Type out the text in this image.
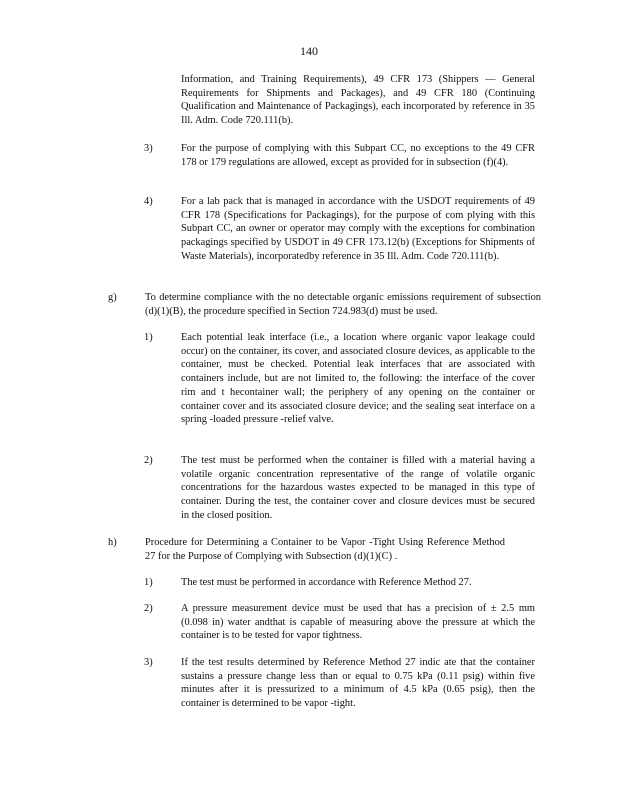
140
Information, and Training Requirements), 49 CFR 173 (Shippers — General Requirements for Shipments and Packages), and 49 CFR 180 (Continuing Qualification and Maintenance of Packagings), each incorporated by reference in 35 Ill. Adm. Code 720.111(b).
3)	For the purpose of complying with this Subpart CC, no exceptions to the 49 CFR 178 or 179 regulations are allowed, except as provided for in subsection (f)(4).
4)	For a lab pack that is managed in accordance with the USDOT requirements of 49 CFR 178 (Specifications for Packagings), for the purpose of com plying with this Subpart CC, an owner or operator may comply with the exceptions for combination packagings specified by USDOT in 49 CFR 173.12(b) (Exceptions for Shipments of Waste Materials), incorporatedby reference in 35 Ill. Adm. Code 720.111(b).
g)	To determine compliance with the no detectable organic emissions requirement of subsection (d)(1)(B), the procedure specified in Section 724.983(d) must be used.
1)	Each potential leak interface (i.e., a location where organic vapor leakage could occur) on the container, its cover, and associated closure devices, as applicable to the container, must be checked. Potential leak interfaces that are associated with containers include, but are not limited to, the following: the interface of the cover rim and t hecontainer wall; the periphery of any opening on the container or container cover and its associated closure device; and the sealing seat interface on a spring -loaded pressure -relief valve.
2)	The test must be performed when the container is filled with a material having a volatile organic concentration representative of the range of volatile organic concentrations for the hazardous wastes expected to be managed in this type of container. During the test, the container cover and closure devices must be secured in the closed position.
h)	Procedure for Determining a Container to be Vapor -Tight Using Reference Method 27 for the Purpose of Complying with Subsection (d)(1)(C) .
1)	The test must be performed in accordance with Reference Method 27.
2)	A pressure measurement device must be used that has a precision of ± 2.5 mm (0.098 in) water andthat is capable of measuring above the pressure at which the container is to be tested for vapor tightness.
3)	If the test results determined by Reference Method 27 indic ate that the container sustains a pressure change less than or equal to 0.75 kPa (0.11 psig) within five minutes after it is pressurized to a minimum of 4.5 kPa (0.65 psig), then the container is determined to be vapor -tight.
